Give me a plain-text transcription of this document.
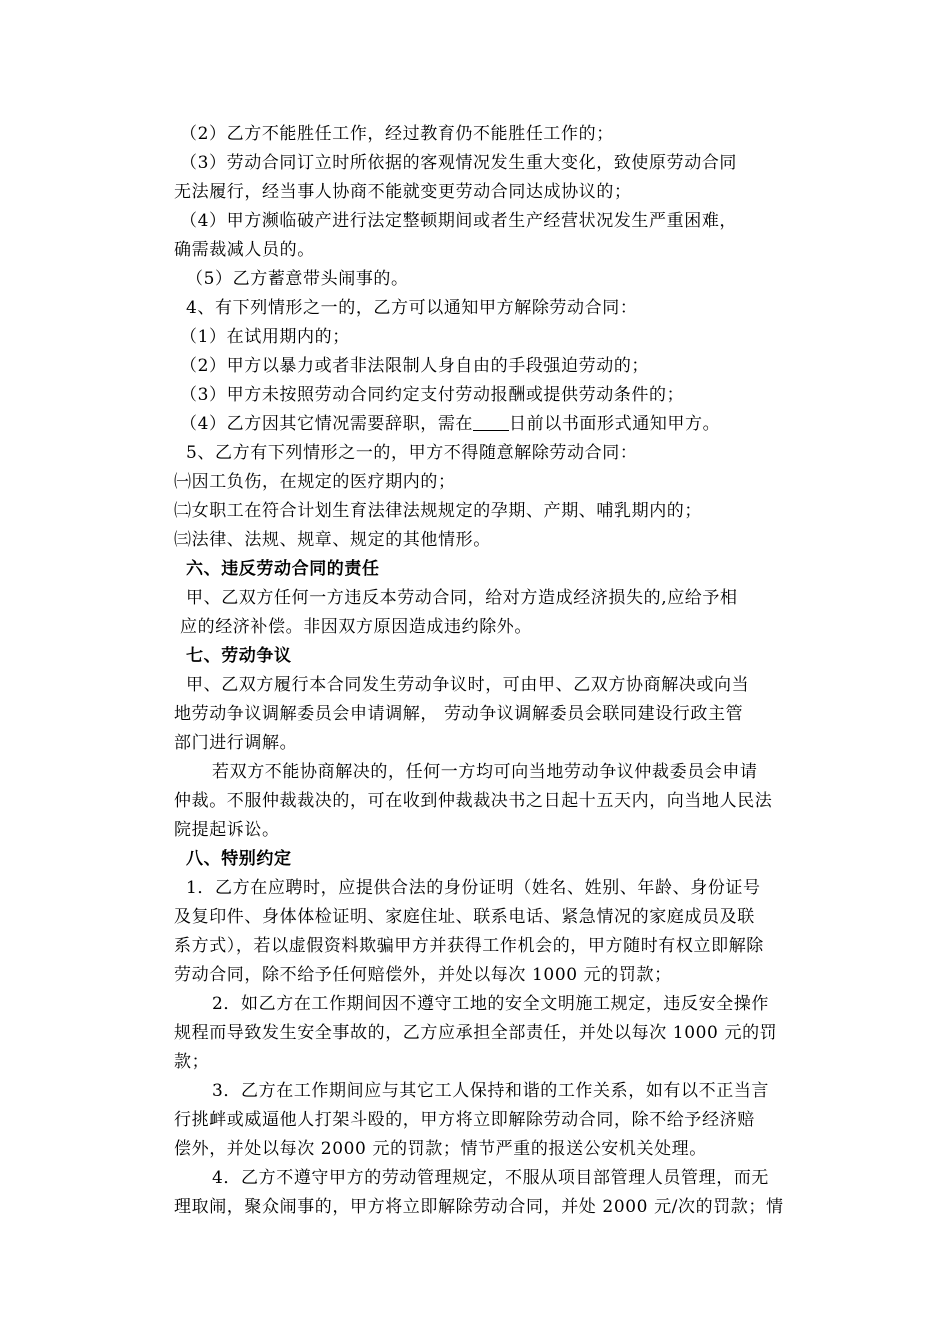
（2）乙方不能胜任工作，经过教育仍不能胜任工作的；
（3）劳动合同订立时所依据的客观情况发生重大变化，致使原劳动合同
无法履行，经当事人协商不能就变更劳动合同达成协议的；
（4）甲方濒临破产进行法定整顿期间或者生产经营状况发生严重困难，
确需裁减人员的。
（5）乙方蓄意带头闹事的。
4、有下列情形之一的，乙方可以通知甲方解除劳动合同：
（1）在试用期内的；
（2）甲方以暴力或者非法限制人身自由的手段强迫劳动的；
（3）甲方未按照劳动合同约定支付劳动报酬或提供劳动条件的；
（4）乙方因其它情况需要辞职，需在 日前以书面形式通知甲方。
5、乙方有下列情形之一的，甲方不得随意解除劳动合同：
㈠因工负伤，在规定的医疗期内的；
㈡女职工在符合计划生育法律法规规定的孕期、产期、哺乳期内的；
㈢法律、法规、规章、规定的其他情形。
六、违反劳动合同的责任
甲、乙双方任何一方违反本劳动合同，给对方造成经济损失的,应给予相
应的经济补偿。非因双方原因造成违约除外。
七、劳动争议
甲、乙双方履行本合同发生劳动争议时，可由甲、乙双方协商解决或向当
地劳动争议调解委员会申请调解， 劳动争议调解委员会联同建设行政主管
部门进行调解。
若双方不能协商解决的，任何一方均可向当地劳动争议仲裁委员会申请
仲裁。不服仲裁裁决的，可在收到仲裁裁决书之日起十五天内，向当地人民法
院提起诉讼。
八、特别约定
1．乙方在应聘时，应提供合法的身份证明（姓名、姓别、年龄、身份证号
及复印件、身体体检证明、家庭住址、联系电话、紧急情况的家庭成员及联
系方式），若以虚假资料欺骗甲方并获得工作机会的，甲方随时有权立即解除
劳动合同，除不给予任何赔偿外，并处以每次 1000 元的罚款；
2．如乙方在工作期间因不遵守工地的安全文明施工规定，违反安全操作
规程而导致发生安全事故的，乙方应承担全部责任，并处以每次 1000 元的罚
款；
3．乙方在工作期间应与其它工人保持和谐的工作关系，如有以不正当言
行挑衅或威逼他人打架斗殴的，甲方将立即解除劳动合同，除不给予经济赔
偿外，并处以每次 2000 元的罚款；情节严重的报送公安机关处理。
4．乙方不遵守甲方的劳动管理规定，不服从项目部管理人员管理，而无
理取闹，聚众闹事的，甲方将立即解除劳动合同，并处 2000 元/次的罚款；情
